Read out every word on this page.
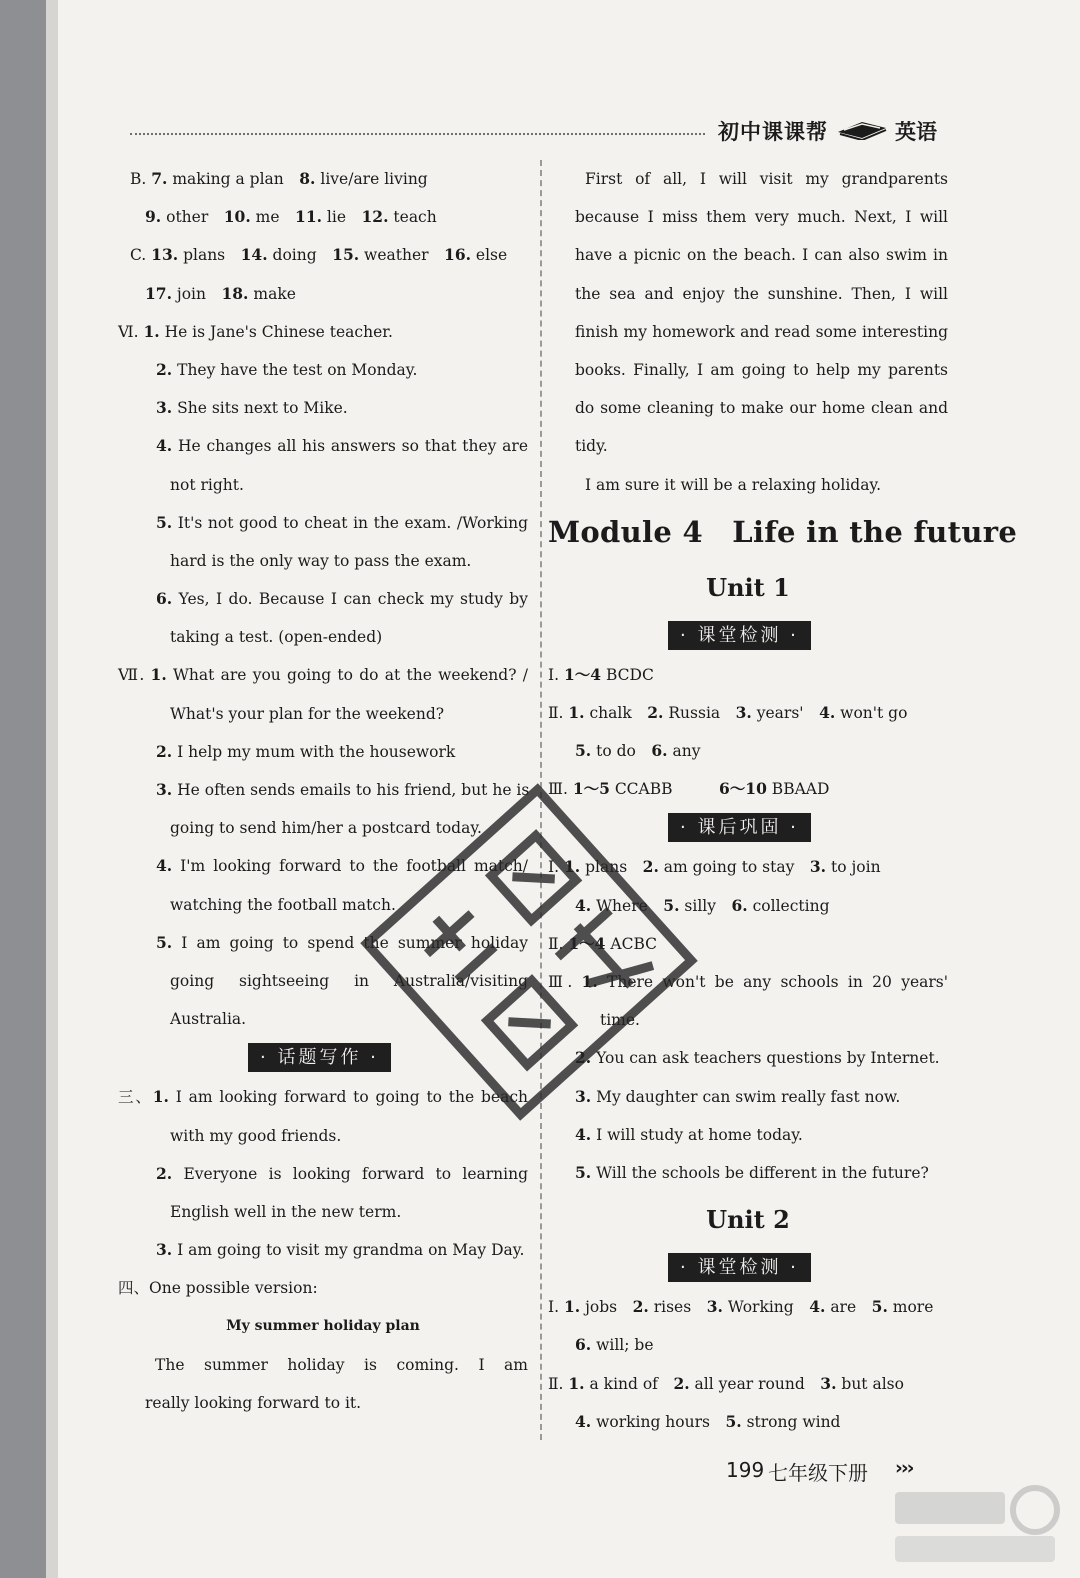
初中课课帮	英语
B. 7. making a plan　8. live/are living
9. other　10. me　11. lie　12. teach
C. 13. plans　14. doing　15. weather　16. else
17. join　18. make
Ⅵ. 1. He is Jane's Chinese teacher.
2. They have the test on Monday.
3. She sits next to Mike.
4. He changes all his answers so that they are
not right.
5. It's not good to cheat in the exam. /Working
hard is the only way to pass the exam.
6. Yes, I do. Because I can check my study by
taking a test. (open-ended)
Ⅶ. 1. What are you going to do at the weekend? /
What's your plan for the weekend?
2. I help my mum with the housework
3. He often sends emails to his friend, but he is
going to send him/her a postcard today.
4. I'm looking forward to the football match/
watching the football match.
5. I am going to spend the summer holiday
going sightseeing in Australia/visiting
Australia.
· 话题写作 ·
三、1. I am looking forward to going to the beach
with my good friends.
2. Everyone is looking forward to learning
English well in the new term.
3. I am going to visit my grandma on May Day.
四、One possible version:
My summer holiday plan
The summer holiday is coming. I am
really looking forward to it.
First of all, I will visit my grandparents
because I miss them very much. Next, I will
have a picnic on the beach. I can also swim in
the sea and enjoy the sunshine. Then, I will
finish my homework and read some interesting
books. Finally, I am going to help my parents
do some cleaning to make our home clean and
tidy.
I am sure it will be a relaxing holiday.
Module 4　Life in the future
Unit 1
· 课堂检测 ·
Ⅰ. 1～4 BCDC
Ⅱ. 1. chalk　2. Russia　3. years'　4. won't go
5. to do　6. any
Ⅲ. 1～5 CCABB　　　6～10 BBAAD
· 课后巩固 ·
Ⅰ. 1. plans　2. am going to stay　3. to join
4. Where　5. silly　6. collecting
Ⅱ. 1～4 ACBC
Ⅲ. 1. There won't be any schools in 20 years'
time.
2. You can ask teachers questions by Internet.
3. My daughter can swim really fast now.
4. I will study at home today.
5. Will the schools be different in the future?
Unit 2
· 课堂检测 ·
Ⅰ. 1. jobs　2. rises　3. Working　4. are　5. more
6. will; be
Ⅱ. 1. a kind of　2. all year round　3. but also
4. working hours　5. strong wind
199 七年级下册 ›››
